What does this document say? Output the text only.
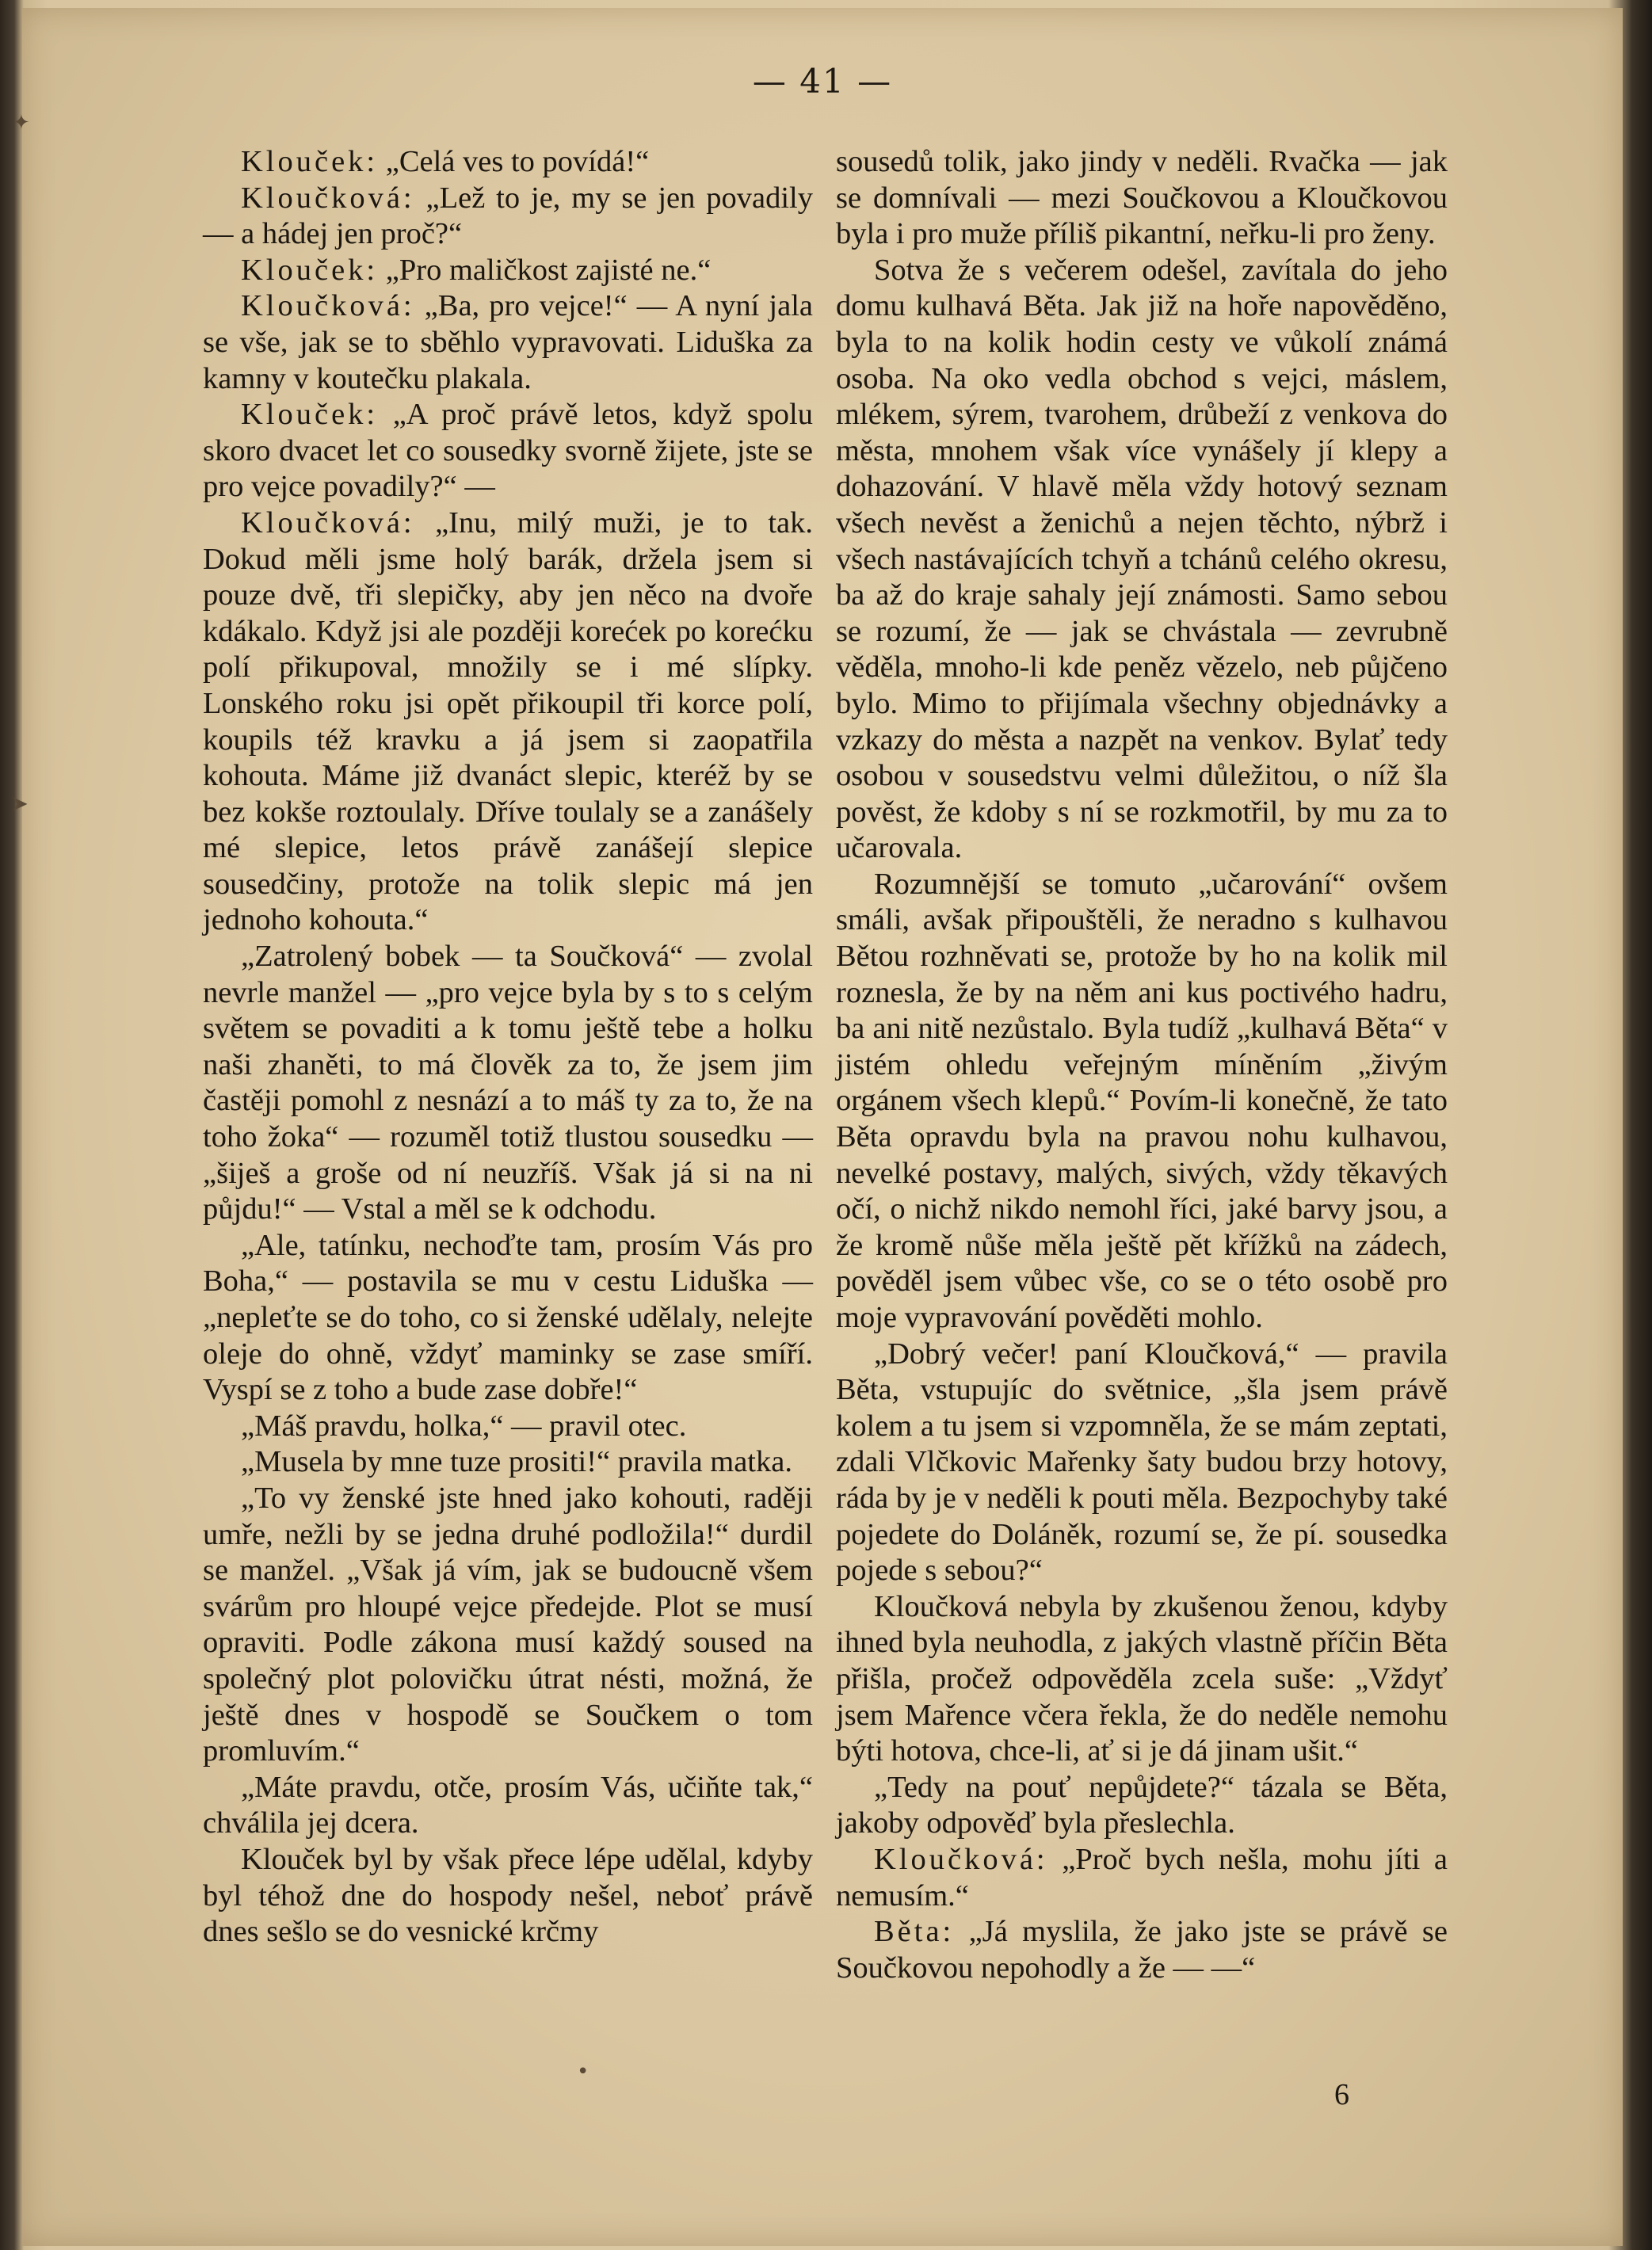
— 41 —

Klouček: „Celá ves to povídá!“

Kloučková: „Lež to je, my se jen povadily — a hádej jen proč?“

Klouček: „Pro maličkost zajisté ne.“

Kloučková: „Ba, pro vejce!“ — A nyní jala se vše, jak se to sběhlo vypravovati. Liduška za kamny v koutečku plakala.

Klouček: „A proč právě letos, když spolu skoro dvacet let co sousedky svorně žijete, jste se pro vejce povadily?“ —

Kloučková: „Inu, milý muži, je to tak. Dokud měli jsme holý barák, držela jsem si pouze dvě, tři slepičky, aby jen něco na dvoře kdákalo. Když jsi ale později korećek po korećku polí přikupoval, množily se i mé slípky. Lonského roku jsi opět přikoupil tři korce polí, koupils též kravku a já jsem si zaopatřila kohouta. Máme již dvanáct slepic, kteréž by se bez kokše roztoulaly. Dříve toulaly se a zanášely mé slepice, letos právě zanášejí slepice sousedčiny, protože na tolik slepic má jen jednoho kohouta.“

„Zatrolený bobek — ta Součková“ — zvolal nevrle manžel — „pro vejce byla by s to s celým světem se povaditi a k tomu ještě tebe a holku naši zhaněti, to má člověk za to, že jsem jim častěji pomohl z nesnází a to máš ty za to, že na toho žoka“ — rozuměl totiž tlustou sousedku — „šiješ a groše od ní neuzříš. Však já si na ni půjdu!“ — Vstal a měl se k odchodu.

„Ale, tatínku, nechoďte tam, prosím Vás pro Boha,“ — postavila se mu v cestu Liduška — „nepleťte se do toho, co si ženské udělaly, nelejte oleje do ohně, vždyť maminky se zase smíří. Vyspí se z toho a bude zase dobře!“

„Máš pravdu, holka,“ — pravil otec.

„Musela by mne tuze prositi!“ pravila matka.

„To vy ženské jste hned jako kohouti, raději umře, nežli by se jedna druhé podložila!“ durdil se manžel. „Však já vím, jak se budoucně všem svárům pro hloupé vejce předejde. Plot se musí opraviti. Podle zákona musí každý soused na společný plot polovičku útrat nésti, možná, že ještě dnes v hospodě se Součkem o tom promluvím.“

„Máte pravdu, otče, prosím Vás, učiňte tak,“ chválila jej dcera.

Klouček byl by však přece lépe udělal, kdyby byl téhož dne do hospody nešel, neboť právě dnes sešlo se do vesnické krčmy

sousedů tolik, jako jindy v neděli. Rvačka — jak se domnívali — mezi Součkovou a Kloučkovou byla i pro muže příliš pikantní, neřku-li pro ženy.

Sotva že s večerem odešel, zavítala do jeho domu kulhavá Běta. Jak již na hoře napověděno, byla to na kolik hodin cesty ve vůkolí známá osoba. Na oko vedla obchod s vejci, máslem, mlékem, sýrem, tvarohem, drůbeží z venkova do města, mnohem však více vynášely jí klepy a dohazování. V hlavě měla vždy hotový seznam všech nevěst a ženichů a nejen těchto, nýbrž i všech nastávajících tchyň a tchánů celého okresu, ba až do kraje sahaly její známosti. Samo sebou se rozumí, že — jak se chvástala — zevrubně věděla, mnoho-li kde peněz vězelo, neb půjčeno bylo. Mimo to přijímala všechny objednávky a vzkazy do města a nazpět na venkov. Bylať tedy osobou v sousedstvu velmi důležitou, o níž šla pověst, že kdoby s ní se rozkmotřil, by mu za to učarovala.

Rozumnější se tomuto „učarování“ ovšem smáli, avšak připouštěli, že neradno s kulhavou Bětou rozhněvati se, protože by ho na kolik mil roznesla, že by na něm ani kus poctivého hadru, ba ani nitě nezůstalo. Byla tudíž „kulhavá Běta“ v jistém ohledu veřejným míněním „živým orgánem všech klepů.“ Povím-li konečně, že tato Běta opravdu byla na pravou nohu kulhavou, nevelké postavy, malých, sivých, vždy těkavých očí, o nichž nikdo nemohl říci, jaké barvy jsou, a že kromě nůše měla ještě pět křížků na zádech, pověděl jsem vůbec vše, co se o této osobě pro moje vypravování pověděti mohlo.

„Dobrý večer! paní Kloučková,“ — pravila Běta, vstupujíc do světnice, „šla jsem právě kolem a tu jsem si vzpomněla, že se mám zeptati, zdali Vlčkovic Mařenky šaty budou brzy hotovy, ráda by je v neděli k pouti měla. Bezpochyby také pojedete do Doláněk, rozumí se, že pí. sousedka pojede s sebou?“

Kloučková nebyla by zkušenou ženou, kdyby ihned byla neuhodla, z jakých vlastně příčin Běta přišla, pročež odpověděla zcela suše: „Vždyť jsem Mařence včera řekla, že do neděle nemohu býti hotova, chce-li, ať si je dá jinam ušit.“

„Tedy na pouť nepůjdete?“ tázala se Běta, jakoby odpověď byla přeslechla.

Kloučková: „Proč bych nešla, mohu jíti a nemusím.“

Běta: „Já myslila, že jako jste se právě se Součkovou nepohodly a že — —“

6
✦
➤
•
